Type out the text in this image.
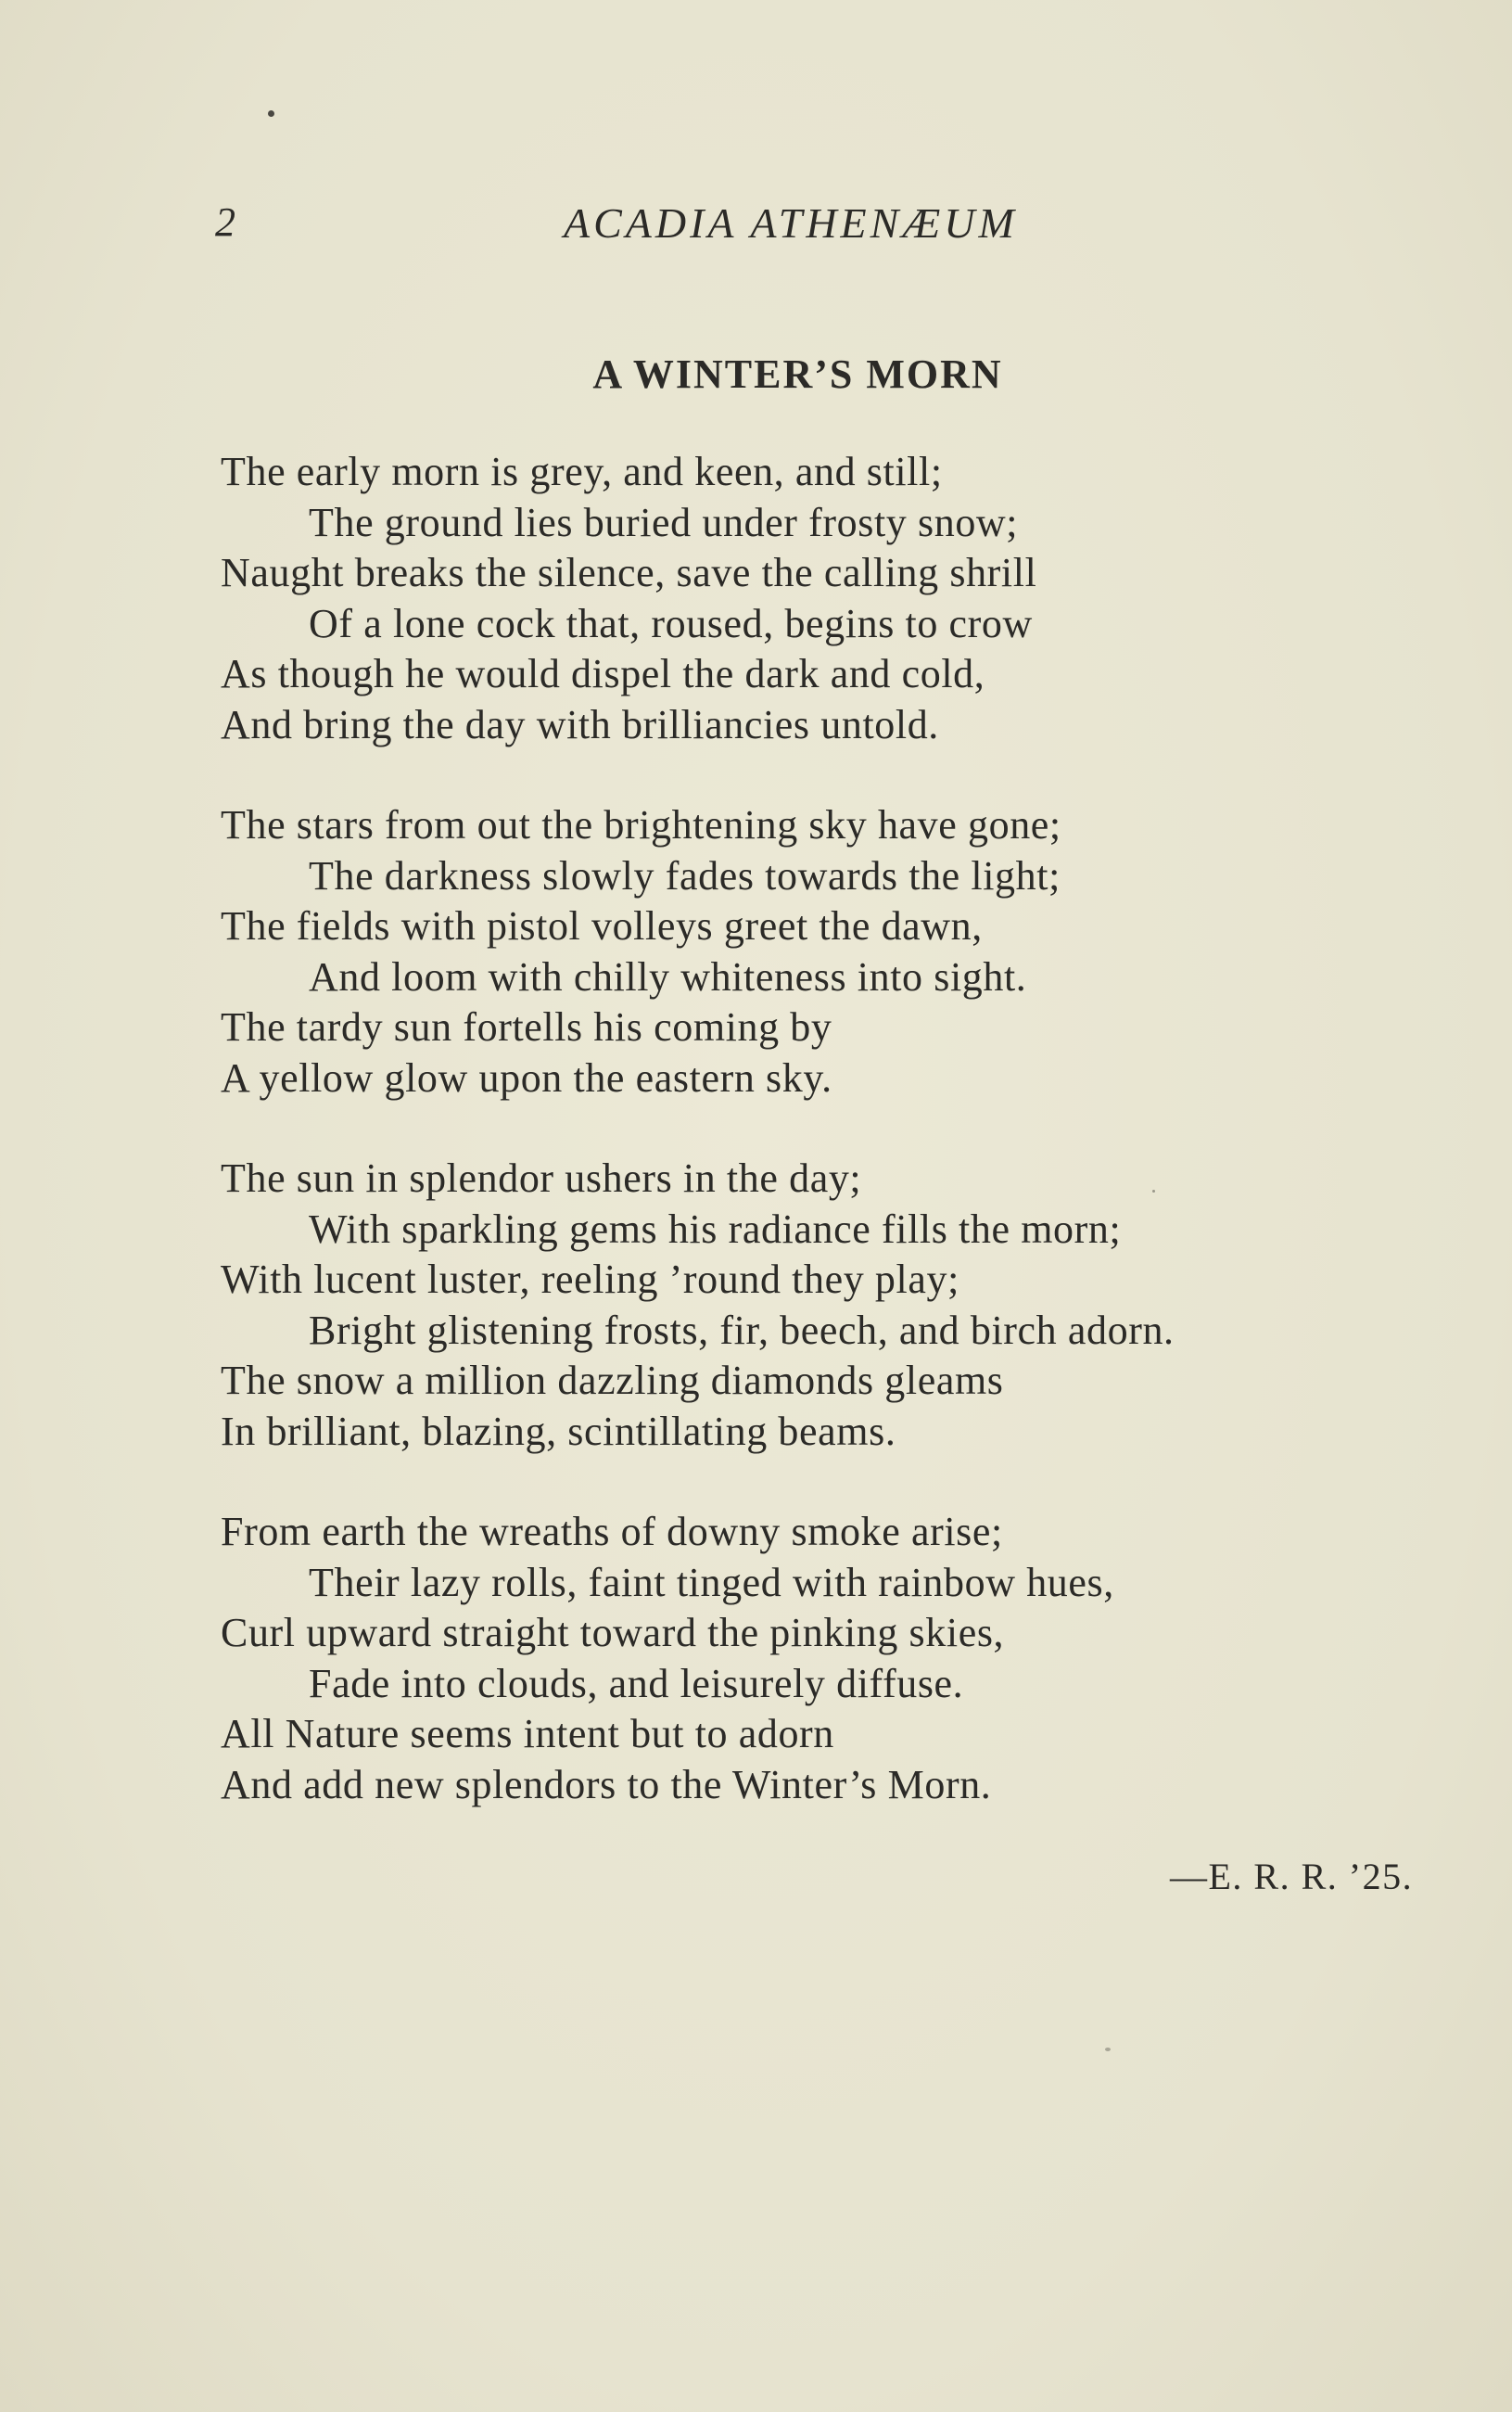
2	ACADIA ATHENÆUM
A WINTER’S MORN
The early morn is grey, and keen, and still;
The ground lies buried under frosty snow;
Naught breaks the silence, save the calling shrill
Of a lone cock that, roused, begins to crow
As though he would dispel the dark and cold,
And bring the day with brilliancies untold.
The stars from out the brightening sky have gone;
The darkness slowly fades towards the light;
The fields with pistol volleys greet the dawn,
And loom with chilly whiteness into sight.
The tardy sun fortells his coming by
A yellow glow upon the eastern sky.
The sun in splendor ushers in the day;
With sparkling gems his radiance fills the morn;
With lucent luster, reeling ’round they play;
Bright glistening frosts, fir, beech, and birch adorn.
The snow a million dazzling diamonds gleams
In brilliant, blazing, scintillating beams.
From earth the wreaths of downy smoke arise;
Their lazy rolls, faint tinged with rainbow hues,
Curl upward straight toward the pinking skies,
Fade into clouds, and leisurely diffuse.
All Nature seems intent but to adorn
And add new splendors to the Winter’s Morn.
—E. R. R. ’25.
